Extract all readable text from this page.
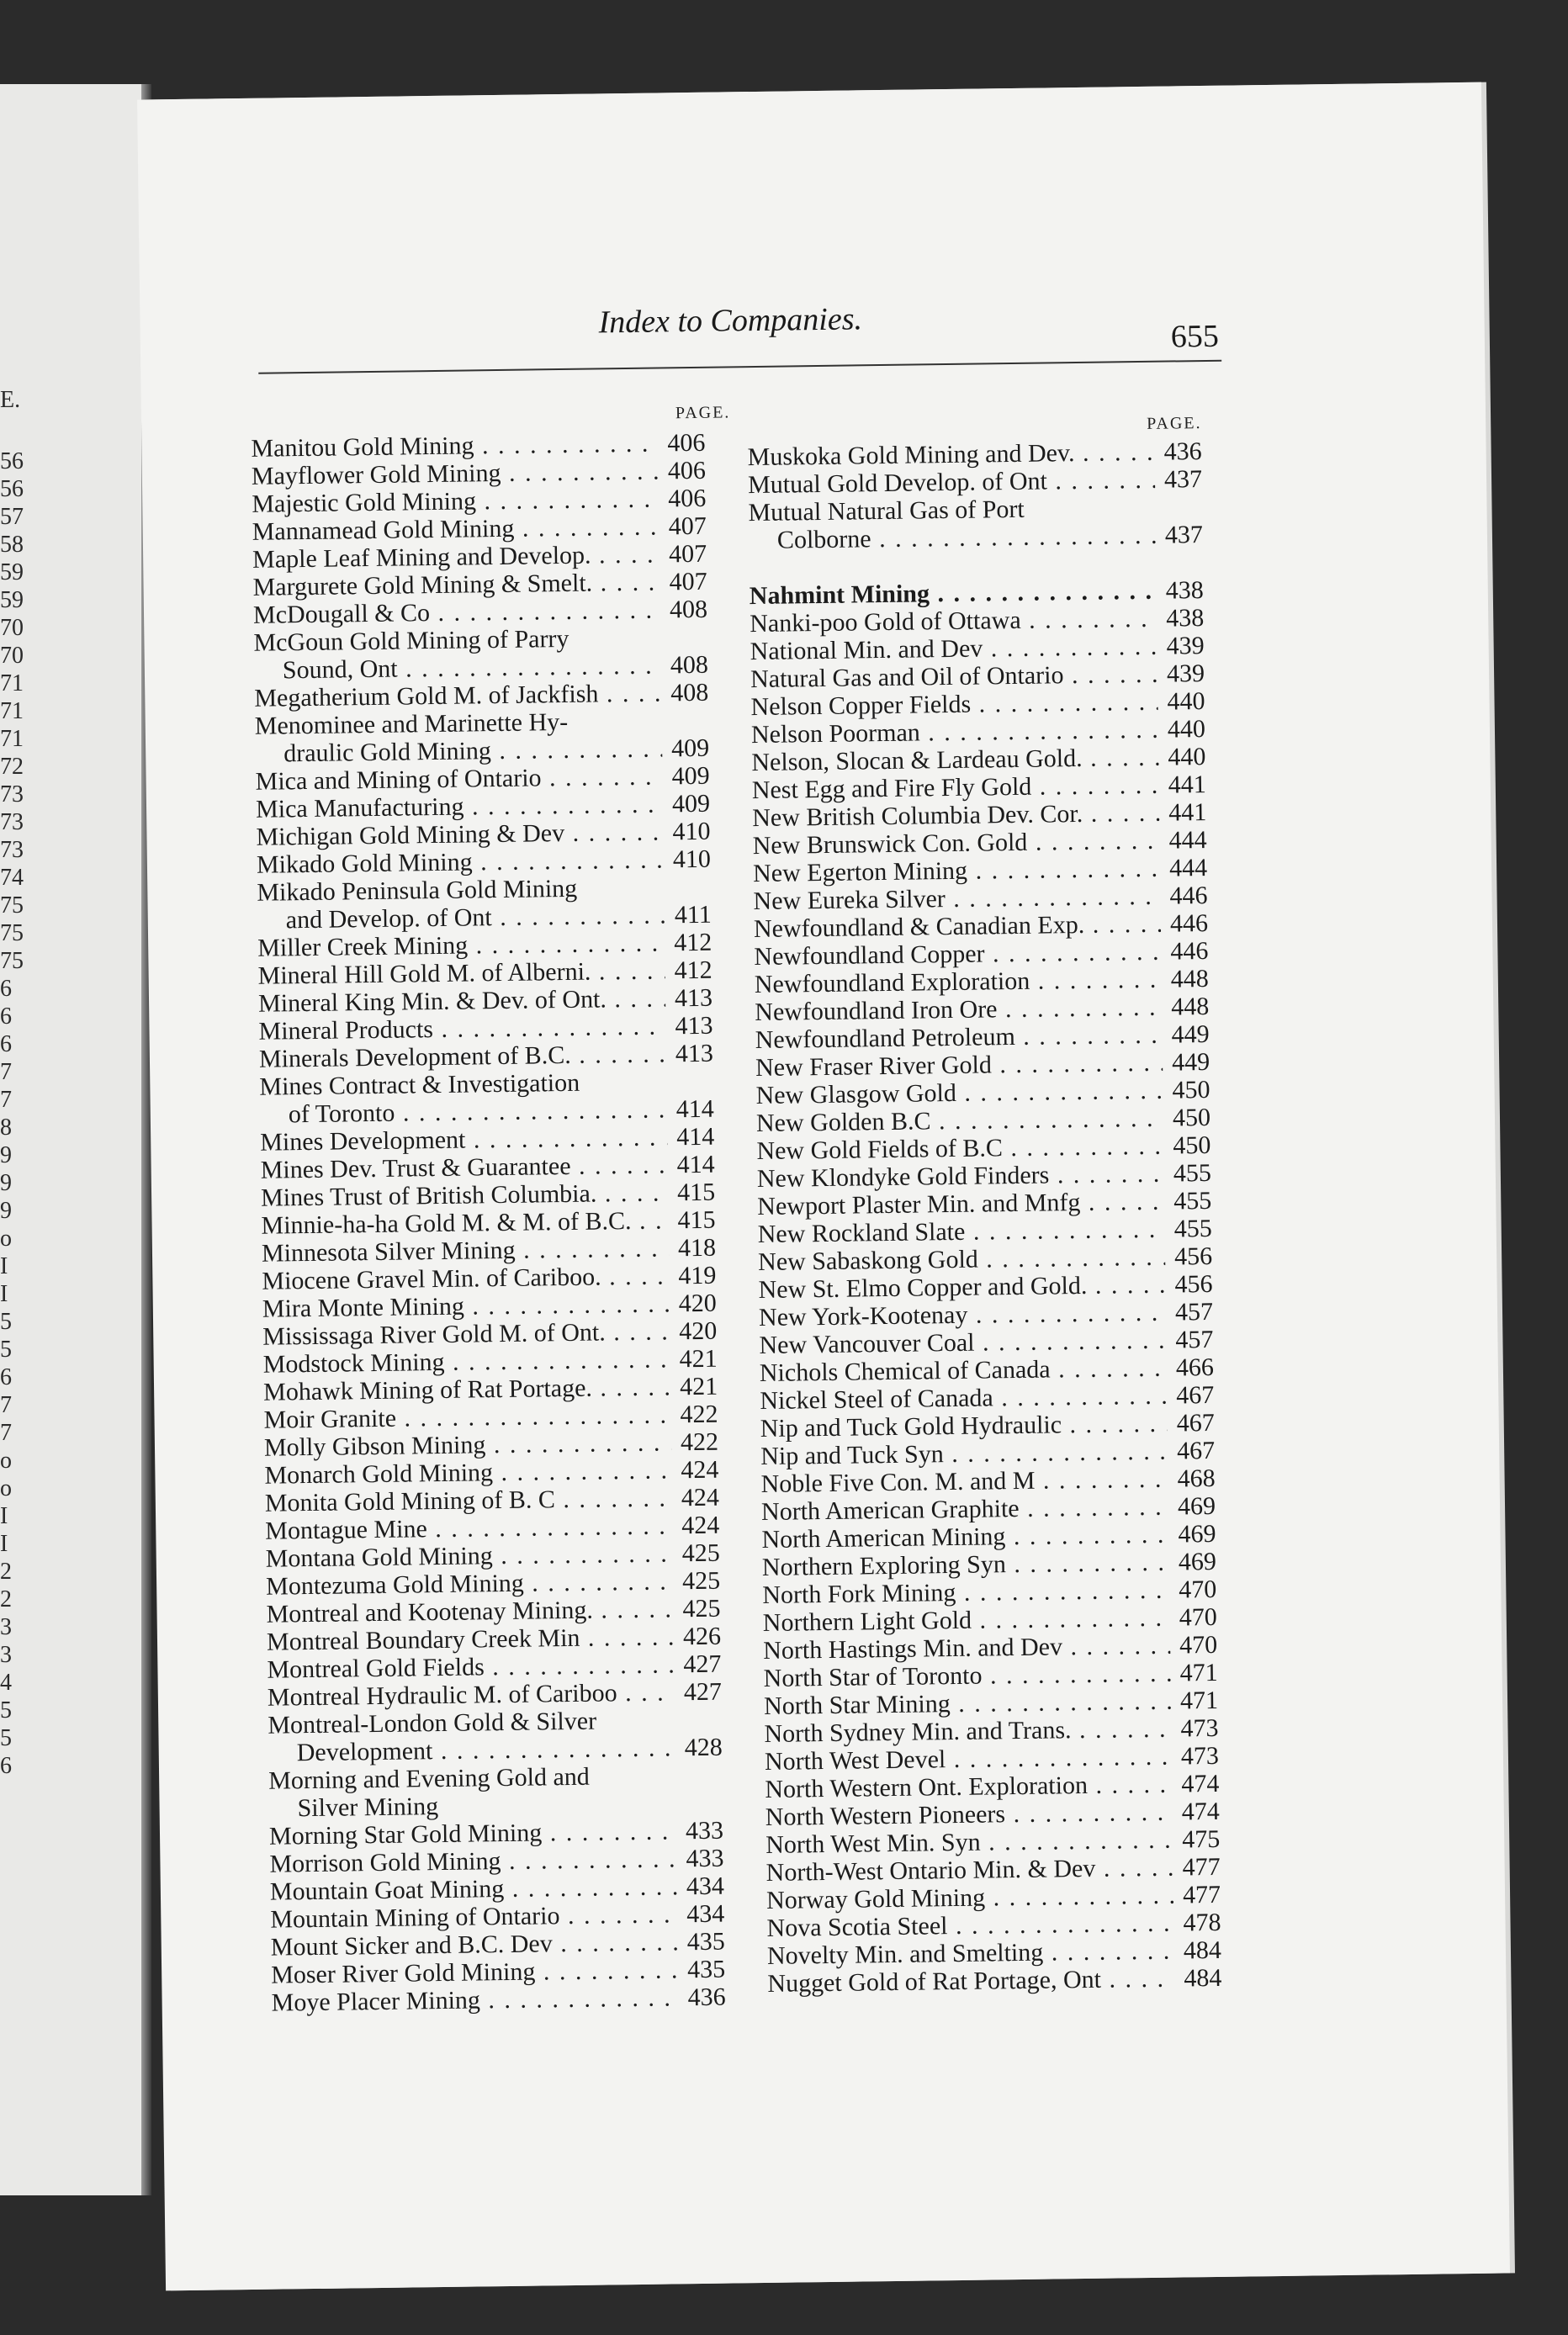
E.
56
56
57
58
59
59
70
70
71
71
71
72
73
73
73
74
75
75
75
6
6
6
7
7
8
9
9
9
o
I
I
5
5
6
7
7
o
o
I
I
2
2
3
3
4
5
5
6
Index to Companies.	655
PAGE.
PAGE.
Manitou Gold Mining . . .	406
Mayflower Gold Mining . . .	406
Majestic Gold Mining . . .	406
Mannamead Gold Mining . . .	407
Maple Leaf Mining and Develop. . . .	407
Margurete Gold Mining & Smelt. . . .	407
McDougall & Co . . .	408
McGoun Gold Mining of Parry
Sound, Ont . . .	408
Megatherium Gold M. of Jackfish . . .	408
Menominee and Marinette Hy-
draulic Gold Mining . . .	409
Mica and Mining of Ontario . . .	409
Mica Manufacturing . . .	409
Michigan Gold Mining & Dev . . .	410
Mikado Gold Mining . . .	410
Mikado Peninsula Gold Mining
and Develop. of Ont . . .	411
Miller Creek Mining . . .	412
Mineral Hill Gold M. of Alberni. . . .	412
Mineral King Min. & Dev. of Ont. . . .	413
Mineral Products . . .	413
Minerals Development of B.C. . . .	413
Mines Contract & Investigation
of Toronto . . .	414
Mines Development . . .	414
Mines Dev. Trust & Guarantee . . .	414
Mines Trust of British Columbia. . . .	415
Minnie-ha-ha Gold M. & M. of B.C. . . .	415
Minnesota Silver Mining . . .	418
Miocene Gravel Min. of Cariboo. . . .	419
Mira Monte Mining . . .	420
Mississaga River Gold M. of Ont. . . .	420
Modstock Mining . . .	421
Mohawk Mining of Rat Portage. . . .	421
Moir Granite . . .	422
Molly Gibson Mining . . .	422
Monarch Gold Mining . . .	424
Monita Gold Mining of B. C . . .	424
Montague Mine . . .	424
Montana Gold Mining . . .	425
Montezuma Gold Mining . . .	425
Montreal and Kootenay Mining. . . .	425
Montreal Boundary Creek Min . . .	426
Montreal Gold Fields . . .	427
Montreal Hydraulic M. of Cariboo . . .	427
Montreal-London Gold & Silver
Development . . .	428
Morning and Evening Gold and
Silver Mining
Morning Star Gold Mining . . .	433
Morrison Gold Mining . . .	433
Mountain Goat Mining . . .	434
Mountain Mining of Ontario . . .	434
Mount Sicker and B.C. Dev . . .	435
Moser River Gold Mining . . .	435
Moye Placer Mining . . .	436
Muskoka Gold Mining and Dev. . . .	436
Mutual Gold Develop. of Ont . . .	437
Mutual Natural Gas of Port
Colborne . . .	437
Nahmint Mining . . .	438
Nanki-poo Gold of Ottawa . . .	438
National Min. and Dev . . .	439
Natural Gas and Oil of Ontario . . .	439
Nelson Copper Fields . . .	440
Nelson Poorman . . .	440
Nelson, Slocan & Lardeau Gold. . . .	440
Nest Egg and Fire Fly Gold . . .	441
New British Columbia Dev. Cor. . . .	441
New Brunswick Con. Gold . . .	444
New Egerton Mining . . .	444
New Eureka Silver . . .	446
Newfoundland & Canadian Exp. . . .	446
Newfoundland Copper . . .	446
Newfoundland Exploration . . .	448
Newfoundland Iron Ore . . .	448
Newfoundland Petroleum . . .	449
New Fraser River Gold . . .	449
New Glasgow Gold . . .	450
New Golden B.C . . .	450
New Gold Fields of B.C . . .	450
New Klondyke Gold Finders . . .	455
Newport Plaster Min. and Mnfg . . .	455
New Rockland Slate . . .	455
New Sabaskong Gold . . .	456
New St. Elmo Copper and Gold. . . .	456
New York-Kootenay . . .	457
New Vancouver Coal . . .	457
Nichols Chemical of Canada . . .	466
Nickel Steel of Canada . . .	467
Nip and Tuck Gold Hydraulic . . .	467
Nip and Tuck Syn . . .	467
Noble Five Con. M. and M . . .	468
North American Graphite . . .	469
North American Mining . . .	469
Northern Exploring Syn . . .	469
North Fork Mining . . .	470
Northern Light Gold . . .	470
North Hastings Min. and Dev . . .	470
North Star of Toronto . . .	471
North Star Mining . . .	471
North Sydney Min. and Trans. . . .	473
North West Devel . . .	473
North Western Ont. Exploration . . .	474
North Western Pioneers . . .	474
North West Min. Syn . . .	475
North-West Ontario Min. & Dev . . .	477
Norway Gold Mining . . .	477
Nova Scotia Steel . . .	478
Novelty Min. and Smelting . . .	484
Nugget Gold of Rat Portage, Ont . . .	484
